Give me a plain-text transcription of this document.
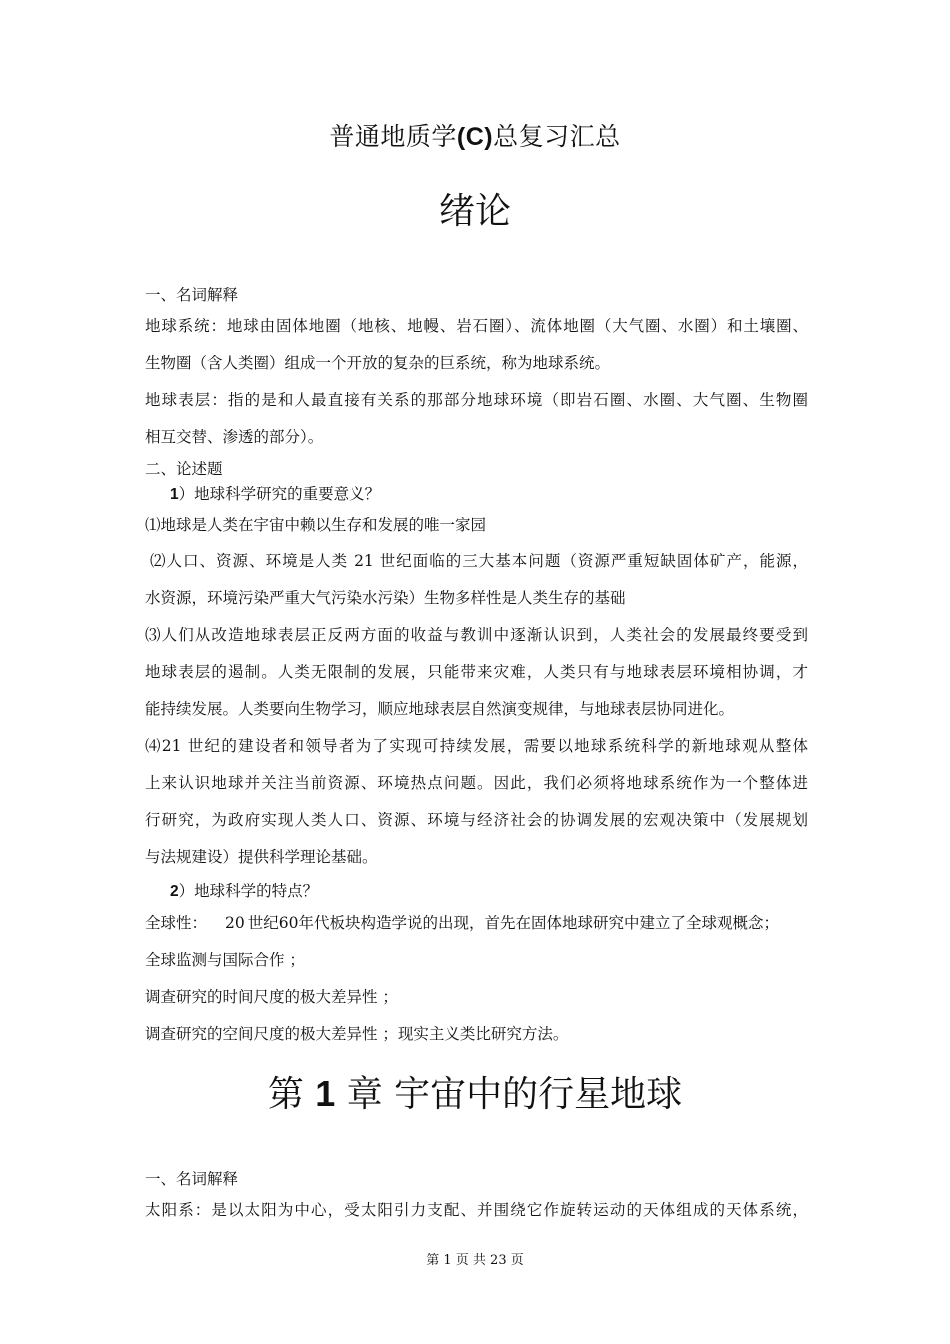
普通地质学(C)总复习汇总
绪论
一、名词解释
地球系统：地球由固体地圈（地核、地幔、岩石圈）、流体地圈（大气圈、水圈）和土壤圈、
生物圈（含人类圈）组成一个开放的复杂的巨系统，称为地球系统。
地球表层：指的是和人最直接有关系的那部分地球环境（即岩石圈、水圈、大气圈、生物圈
相互交替、渗透的部分）。
二、论述题
1）地球科学研究的重要意义？
⑴地球是人类在宇宙中赖以生存和发展的唯一家园
⑵人口、资源、环境是人类 21 世纪面临的三大基本问题（资源严重短缺固体矿产，能源，
水资源，环境污染严重大气污染水污染）生物多样性是人类生存的基础
⑶人们从改造地球表层正反两方面的收益与教训中逐渐认识到，人类社会的发展最终要受到
地球表层的遏制。人类无限制的发展，只能带来灾难，人类只有与地球表层环境相协调，才
能持续发展。人类要向生物学习，顺应地球表层自然演变规律，与地球表层协同进化。
⑷21 世纪的建设者和领导者为了实现可持续发展，需要以地球系统科学的新地球观从整体
上来认识地球并关注当前资源、环境热点问题。因此，我们必须将地球系统作为一个整体进
行研究，为政府实现人类人口、资源、环境与经济社会的协调发展的宏观决策中（发展规划
与法规建设）提供科学理论基础。
2）地球科学的特点？
全球性： 20 世纪60年代板块构造学说的出现，首先在固体地球研究中建立了全球观概念；
全球监测与国际合作 ；
调查研究的时间尺度的极大差异性 ；
调查研究的空间尺度的极大差异性 ；现实主义类比研究方法。
第 1 章 宇宙中的行星地球
一、名词解释
太阳系：是以太阳为中心，受太阳引力支配、并围绕它作旋转运动的天体组成的天体系统，
第 1 页 共 23 页
